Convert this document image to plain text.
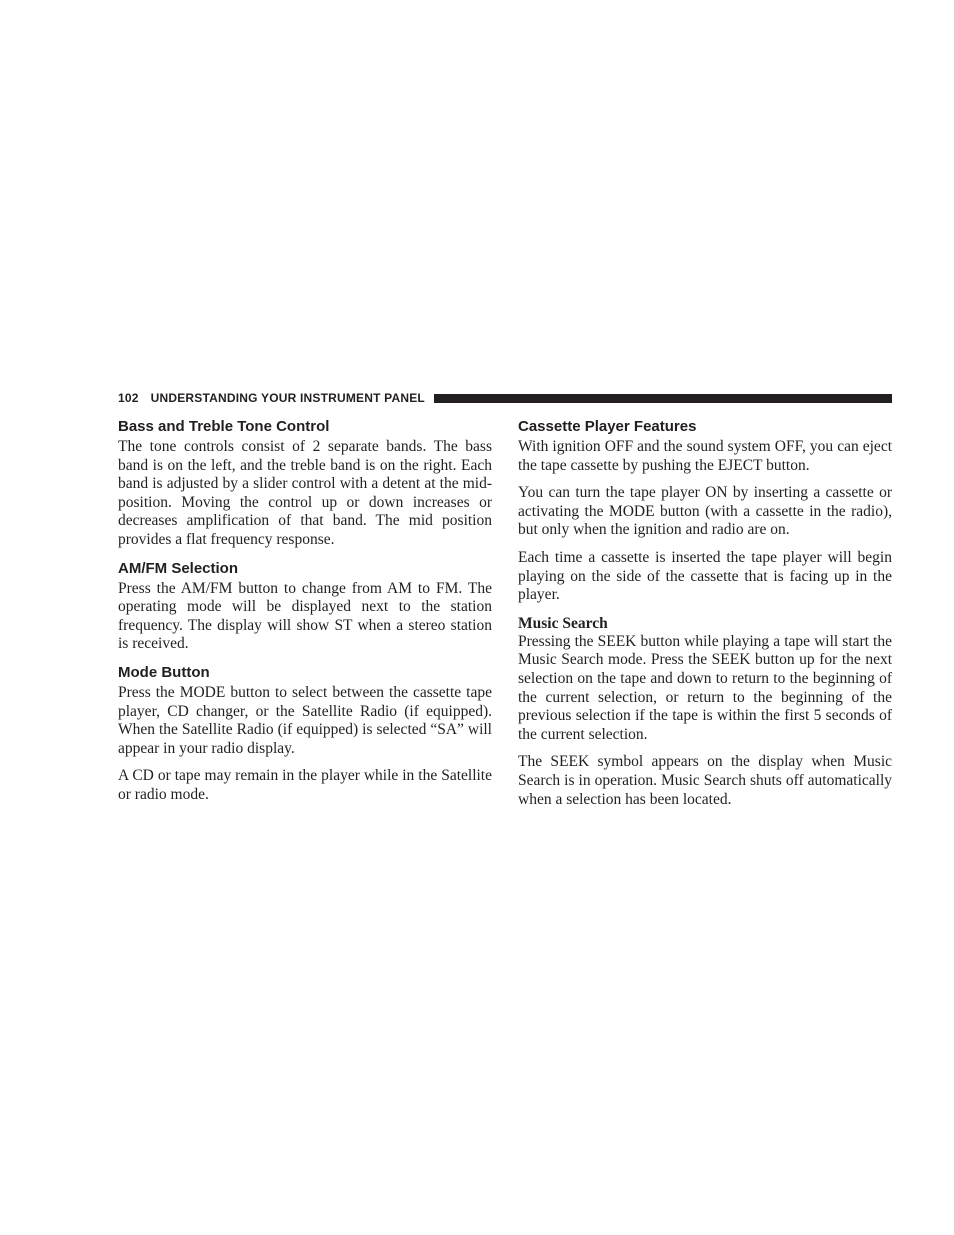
102 UNDERSTANDING YOUR INSTRUMENT PANEL
Bass and Treble Tone Control

The tone controls consist of 2 separate bands. The bass band is on the left, and the treble band is on the right. Each band is adjusted by a slider control with a detent at the mid-position. Moving the control up or down increases or decreases amplification of that band. The mid position provides a flat frequency response.

AM/FM Selection

Press the AM/FM button to change from AM to FM. The operating mode will be displayed next to the station frequency. The display will show ST when a stereo station is received.

Mode Button

Press the MODE button to select between the cassette tape player, CD changer, or the Satellite Radio (if equipped). When the Satellite Radio (if equipped) is selected “SA” will appear in your radio display.

A CD or tape may remain in the player while in the Satellite or radio mode.

Cassette Player Features

With ignition OFF and the sound system OFF, you can eject the tape cassette by pushing the EJECT button.

You can turn the tape player ON by inserting a cassette or activating the MODE button (with a cassette in the radio), but only when the ignition and radio are on.

Each time a cassette is inserted the tape player will begin playing on the side of the cassette that is facing up in the player.

Music Search

Pressing the SEEK button while playing a tape will start the Music Search mode. Press the SEEK button up for the next selection on the tape and down to return to the beginning of the current selection, or return to the beginning of the previous selection if the tape is within the first 5 seconds of the current selection.

The SEEK symbol appears on the display when Music Search is in operation. Music Search shuts off automatically when a selection has been located.
